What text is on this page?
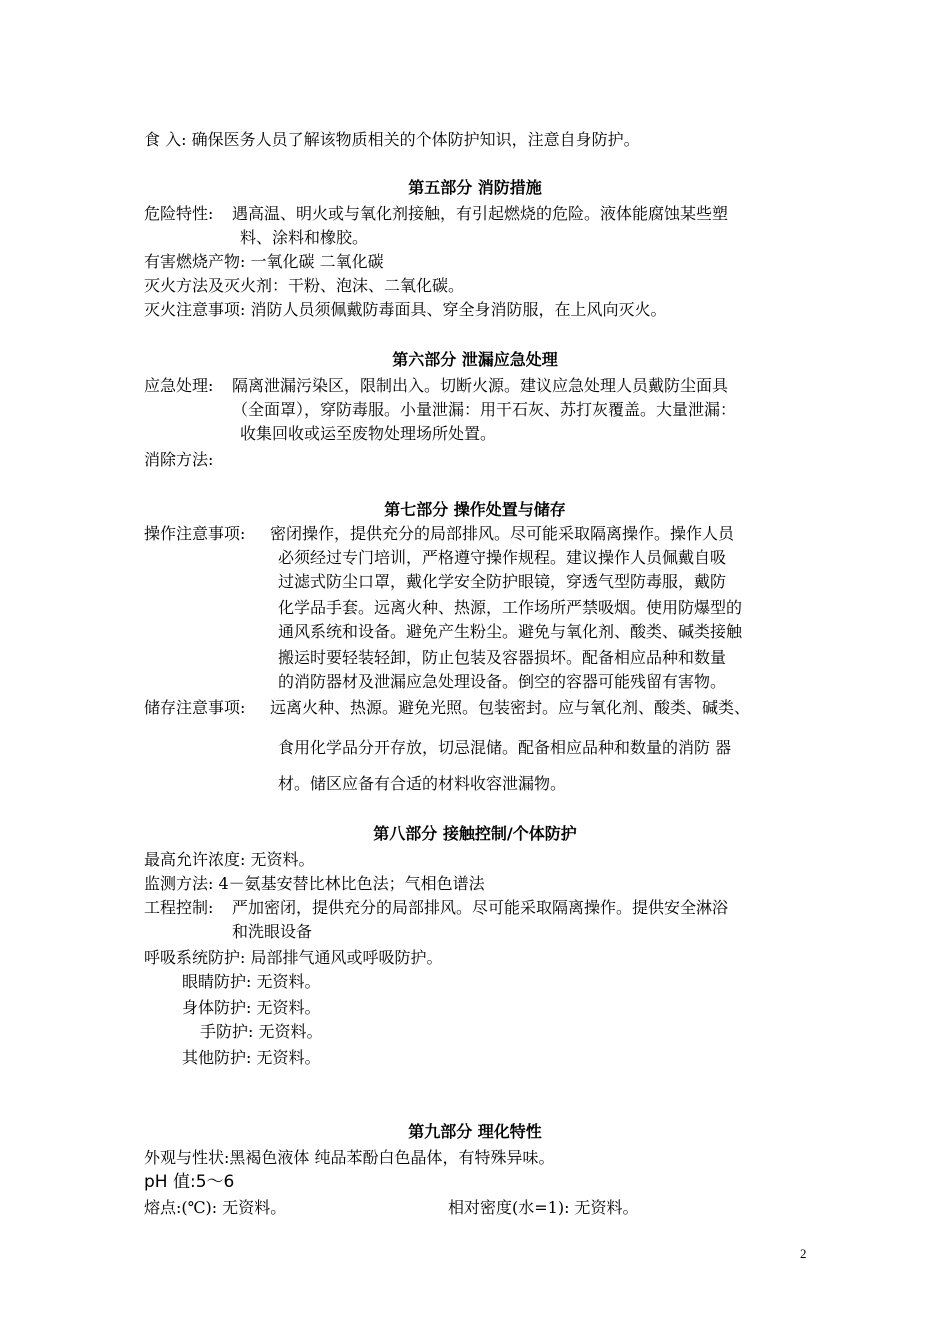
食 入: 确保医务人员了解该物质相关的个体防护知识，注意自身防护。
第五部分 消防措施
危险特性: 遇高温、明火或与氧化剂接触，有引起燃烧的危险。液体能腐蚀某些塑
料、涂料和橡胶。
有害燃烧产物: 一氧化碳 二氧化碳
灭火方法及灭火剂：干粉、泡沫、二氧化碳。
灭火注意事项: 消防人员须佩戴防毒面具、穿全身消防服，在上风向灭火。
第六部分 泄漏应急处理
应急处理: 隔离泄漏污染区，限制出入。切断火源。建议应急处理人员戴防尘面具
（全面罩），穿防毒服。小量泄漏：用干石灰、苏打灰覆盖。大量泄漏：
收集回收或运至废物处理场所处置。
消除方法:
第七部分 操作处置与储存
操作注意事项: 密闭操作，提供充分的局部排风。尽可能采取隔离操作。操作人员
必须经过专门培训，严格遵守操作规程。建议操作人员佩戴自吸
过滤式防尘口罩，戴化学安全防护眼镜，穿透气型防毒服，戴防
化学品手套。远离火种、热源，工作场所严禁吸烟。使用防爆型的
通风系统和设备。避免产生粉尘。避免与氧化剂、酸类、碱类接触
搬运时要轻装轻卸，防止包装及容器损坏。配备相应品种和数量
的消防器材及泄漏应急处理设备。倒空的容器可能残留有害物。
储存注意事项: 远离火种、热源。避免光照。包装密封。应与氧化剂、酸类、碱类、
食用化学品分开存放，切忌混储。配备相应品种和数量的消防 器
材。储区应备有合适的材料收容泄漏物。
第八部分 接触控制/个体防护
最高允许浓度: 无资料。
监测方法: 4－氨基安替比林比色法；气相色谱法
工程控制: 严加密闭，提供充分的局部排风。尽可能采取隔离操作。提供安全淋浴
和洗眼设备
呼吸系统防护: 局部排气通风或呼吸防护。
眼睛防护: 无资料。
身体防护: 无资料。
手防护: 无资料。
其他防护: 无资料。
第九部分 理化特性
外观与性状:黑褐色液体 纯品苯酚白色晶体，有特殊异味。
pH 值:5～6
熔点:(℃): 无资料。	相对密度(水=1): 无资料。
2
